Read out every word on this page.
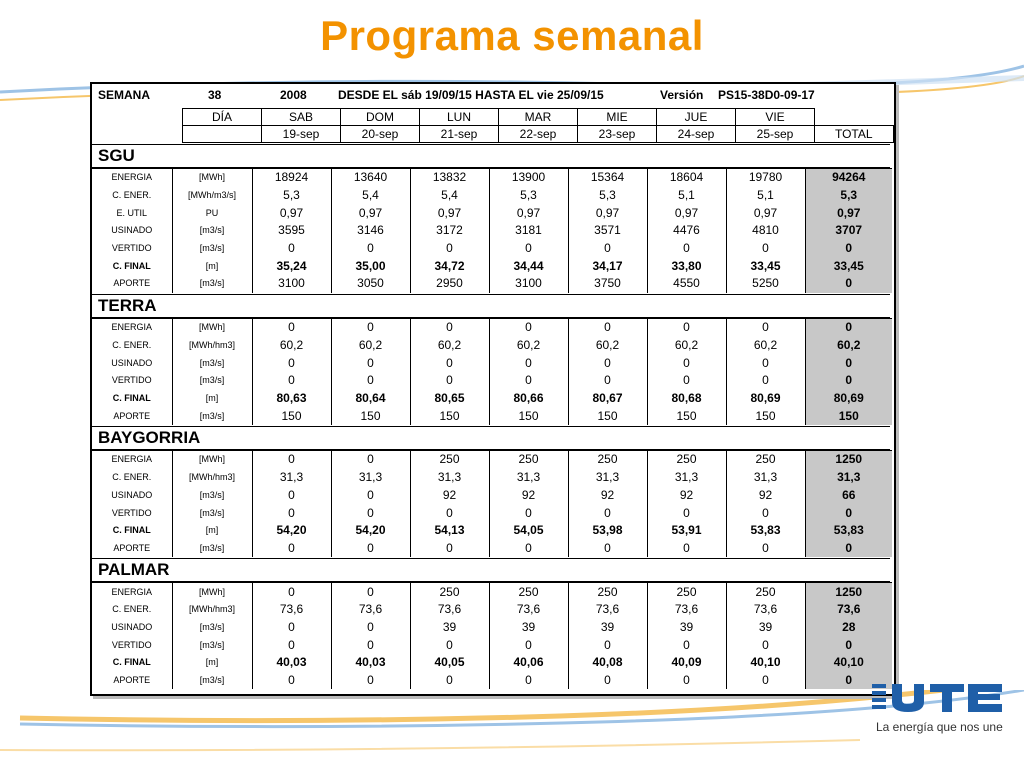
Programa semanal
SEMANA	38	2008	DESDE EL sáb 19/09/15 HASTA EL vie 25/09/15	Versión PS15-38D0-09-17
DÍA	SAB	DOM	LUN	MAR	MIE	JUE	VIE	
	19-sep	20-sep	21-sep	22-sep	23-sep	24-sep	25-sep	TOTAL
SGU
ENERGIA	[MWh]	18924	13640	13832	13900	15364	18604	19780	94264
C. ENER.	[MWh/m3/s]	5,3	5,4	5,4	5,3	5,3	5,1	5,1	5,3
E. UTIL	PU	0,97	0,97	0,97	0,97	0,97	0,97	0,97	0,97
USINADO	[m3/s]	3595	3146	3172	3181	3571	4476	4810	3707
VERTIDO	[m3/s]	0	0	0	0	0	0	0	0
C. FINAL	[m]	35,24	35,00	34,72	34,44	34,17	33,80	33,45	33,45
APORTE	[m3/s]	3100	3050	2950	3100	3750	4550	5250	0
TERRA
ENERGIA	[MWh]	0	0	0	0	0	0	0	0
C. ENER.	[MWh/hm3]	60,2	60,2	60,2	60,2	60,2	60,2	60,2	60,2
USINADO	[m3/s]	0	0	0	0	0	0	0	0
VERTIDO	[m3/s]	0	0	0	0	0	0	0	0
C. FINAL	[m]	80,63	80,64	80,65	80,66	80,67	80,68	80,69	80,69
APORTE	[m3/s]	150	150	150	150	150	150	150	150
BAYGORRIA
ENERGIA	[MWh]	0	0	250	250	250	250	250	1250
C. ENER.	[MWh/hm3]	31,3	31,3	31,3	31,3	31,3	31,3	31,3	31,3
USINADO	[m3/s]	0	0	92	92	92	92	92	66
VERTIDO	[m3/s]	0	0	0	0	0	0	0	0
C. FINAL	[m]	54,20	54,20	54,13	54,05	53,98	53,91	53,83	53,83
APORTE	[m3/s]	0	0	0	0	0	0	0	0
PALMAR
ENERGIA	[MWh]	0	0	250	250	250	250	250	1250
C. ENER.	[MWh/hm3]	73,6	73,6	73,6	73,6	73,6	73,6	73,6	73,6
USINADO	[m3/s]	0	0	39	39	39	39	39	28
VERTIDO	[m3/s]	0	0	0	0	0	0	0	0
C. FINAL	[m]	40,03	40,03	40,05	40,06	40,08	40,09	40,10	40,10
APORTE	[m3/s]	0	0	0	0	0	0	0	0
La energía que nos une
